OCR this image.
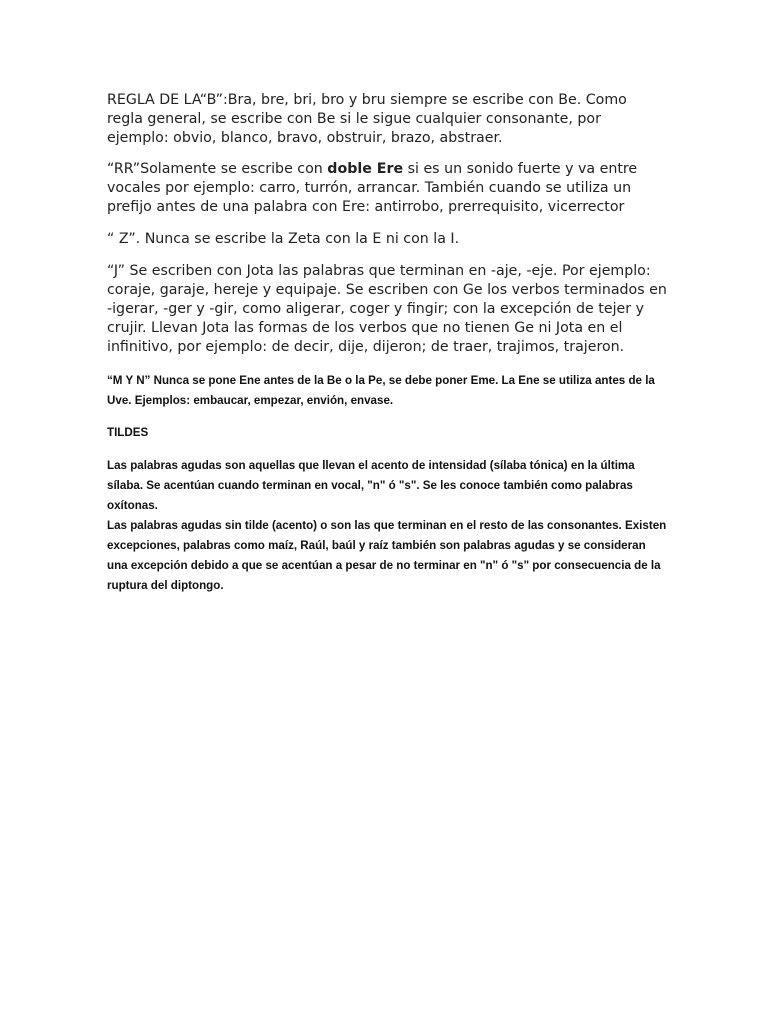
REGLA DE LA“B”:Bra, bre, bri, bro y bru siempre se escribe con Be. Como regla general, se escribe con Be si le sigue cualquier consonante, por ejemplo: obvio, blanco, bravo, obstruir, brazo, abstraer.

“RR”Solamente se escribe con doble Ere si es un sonido fuerte y va entre vocales por ejemplo: carro, turrón, arrancar. También cuando se utiliza un prefijo antes de una palabra con Ere: antirrobo, prerrequisito, vicerrector

“ Z”. Nunca se escribe la Zeta con la E ni con la I.

“J” Se escriben con Jota las palabras que terminan en -aje, -eje. Por ejemplo: coraje, garaje, hereje y equipaje. Se escriben con Ge los verbos terminados en -igerar, -ger y -gir, como aligerar, coger y fingir; con la excepción de tejer y crujir. Llevan Jota las formas de los verbos que no tienen Ge ni Jota en el infinitivo, por ejemplo: de decir, dije, dijeron; de traer, trajimos, trajeron.

“M Y N” Nunca se pone Ene antes de la Be o la Pe, se debe poner Eme. La Ene se utiliza antes de la Uve. Ejemplos: embaucar, empezar, envión, envase.

TILDES

Las palabras agudas son aquellas que llevan el acento de intensidad (sílaba tónica) en la última sílaba. Se acentúan cuando terminan en vocal, "n" ó "s". Se les conoce también como palabras oxítonas.
Las palabras agudas sin tilde (acento) o son las que terminan en el resto de las consonantes. Existen excepciones, palabras como maíz, Raúl, baúl y raíz también son palabras agudas y se consideran una excepción debido a que se acentúan a pesar de no terminar en "n" ó "s" por consecuencia de la ruptura del diptongo.
